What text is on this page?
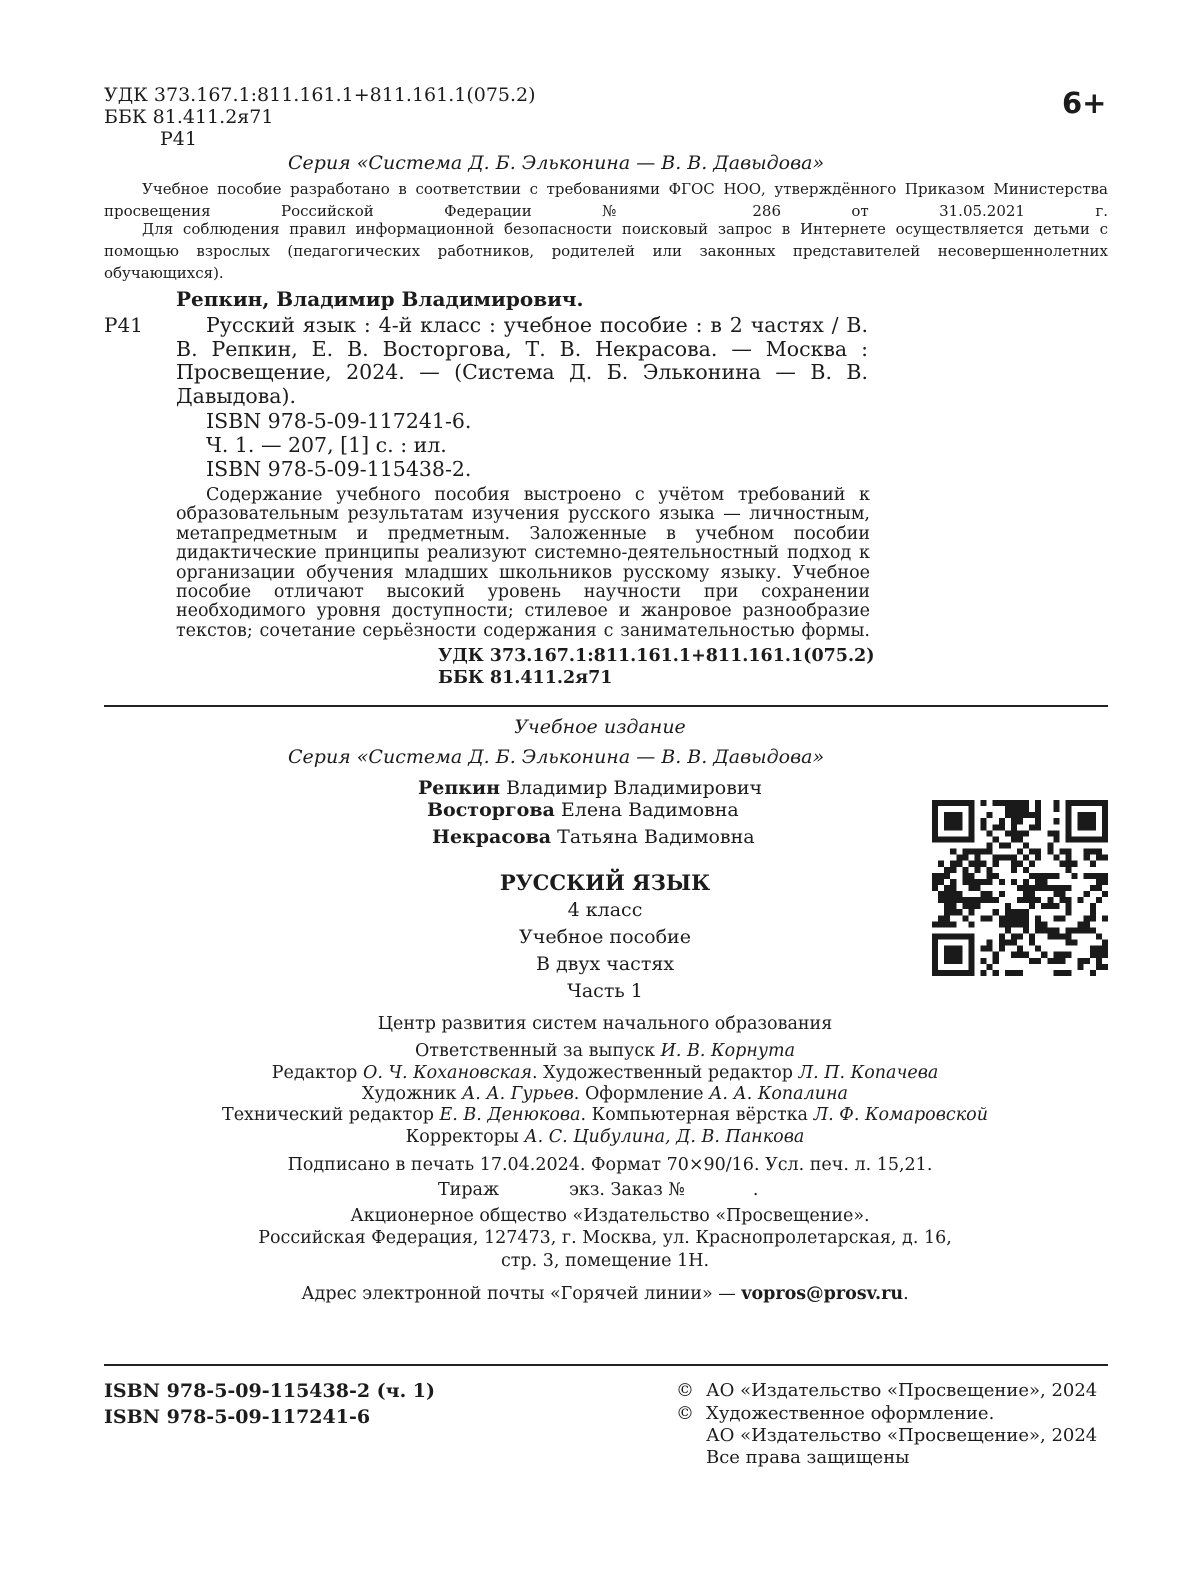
УДК 373.167.1:811.161.1+811.161.1(075.2)
ББК 81.411.2я71
Р41
6+
Серия «Система Д. Б. Эльконина — В. В. Давыдова»
Учебное пособие разработано в соответствии с требованиями ФГОС НОО, утверждённого Приказом Министерства просвещения Российской Федерации № 286 от 31.05.2021 г.
Для соблюдения правил информационной безопасности поисковый запрос в Интернете осуществляется детьми с помощью взрослых (педагогических работников, родителей или законных представителей несовершеннолетних обучающихся).
Репкин, Владимир Владимирович.
Р41	Русский язык : 4-й класс : учебное пособие : в 2 частях / В. В. Репкин, Е. В. Восторгова, Т. В. Некрасова. — Москва : Просвещение, 2024. — (Система Д. Б. Эльконина — В. В. Давыдова).
ISBN 978-5-09-117241-6.
Ч. 1. — 207, [1] с. : ил.
ISBN 978-5-09-115438-2.
Содержание учебного пособия выстроено с учётом требований к образовательным результатам изучения русского языка — личностным, метапредметным и предметным. Заложенные в учебном пособии дидактические принципы реализуют системно-деятельностный подход к организации обучения младших школьников русскому языку. Учебное пособие отличают высокий уровень научности при сохранении необходимого уровня доступности; стилевое и жанровое разнообразие текстов; сочетание серьёзности содержания с занимательностью формы.
УДК 373.167.1:811.161.1+811.161.1(075.2)
ББК 81.411.2я71
Учебное издание
Серия «Система Д. Б. Эльконина — В. В. Давыдова»
Репкин Владимир Владимирович
Восторгова Елена Вадимовна
Некрасова Татьяна Вадимовна
РУССКИЙ ЯЗЫК
4 класс
Учебное пособие
В двух частях
Часть 1
Центр развития систем начального образования
Ответственный за выпуск И. В. Корнута
Редактор О. Ч. Кохановская. Художественный редактор Л. П. Копачева
Художник А. А. Гурьев. Оформление А. А. Копалина
Технический редактор Е. В. Денюкова. Компьютерная вёрстка Л. Ф. Комаровской
Корректоры А. С. Цибулина, Д. В. Панкова
Подписано в печать 17.04.2024. Формат 70×90/16. Усл. печ. л. 15,21.
Тираж	экз. Заказ №	.
Акционерное общество «Издательство «Просвещение».
Российская Федерация, 127473, г. Москва, ул. Краснопролетарская, д. 16,
стр. 3, помещение 1Н.
Адрес электронной почты «Горячей линии» — vopros@prosv.ru.
ISBN 978-5-09-115438-2 (ч. 1)
ISBN 978-5-09-117241-6
© АО «Издательство «Просвещение», 2024
© Художественное оформление.
АО «Издательство «Просвещение», 2024
Все права защищены
